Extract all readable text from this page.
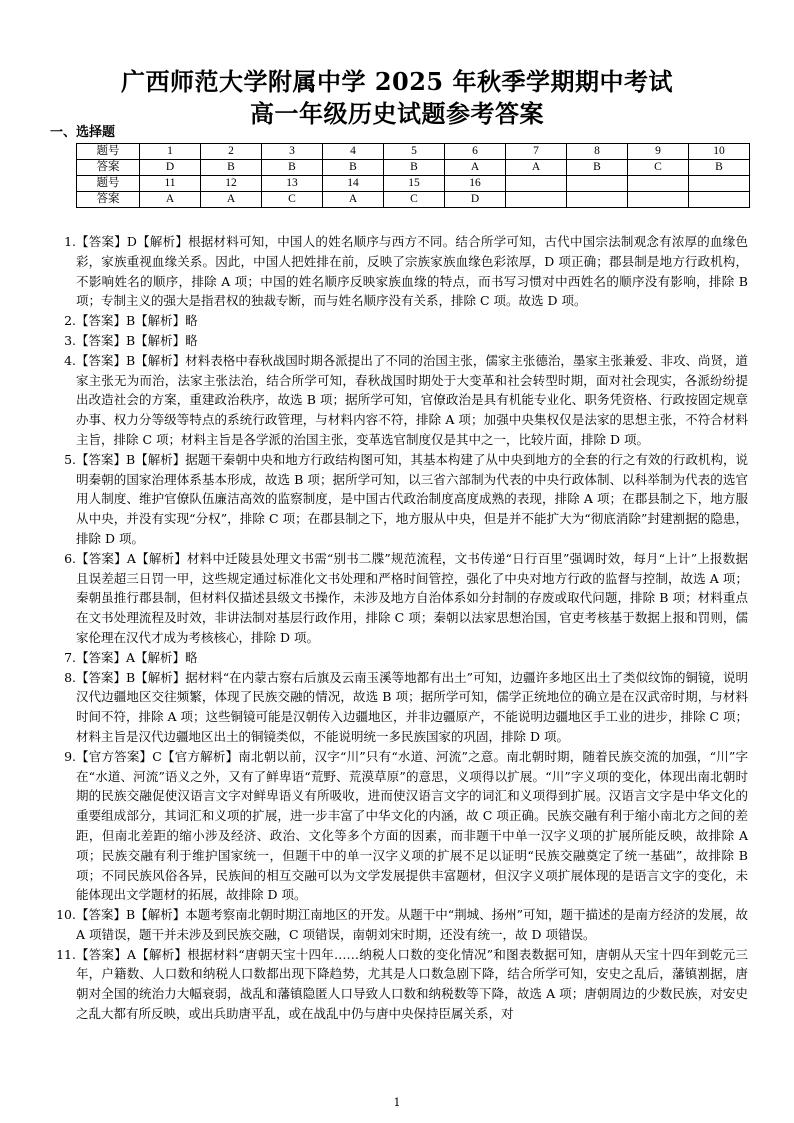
广西师范大学附属中学 2025 年秋季学期期中考试
高一年级历史试题参考答案
一、选择题
题号	1	2	3	4	5	6	7	8	9	10
答案	D	B	B	B	B	A	A	B	C	B
题号	11	12	13	14	15	16				
答案	A	A	C	A	C	D				
1. 【答案】D【解析】根据材料可知，中国人的姓名顺序与西方不同。结合所学可知，古代中国宗法制观念有浓厚的血缘色彩，家族重视血缘关系。因此，中国人把姓排在前，反映了宗族家族血缘色彩浓厚，D 项正确；郡县制是地方行政机构，不影响姓名的顺序，排除 A 项；中国的姓名顺序反映家族血缘的特点，而书写习惯对中西姓名的顺序没有影响，排除 B 项；专制主义的强大是指君权的独裁专断，而与姓名顺序没有关系，排除 C 项。故选 D 项。
2. 【答案】B【解析】略
3. 【答案】B【解析】略
4. 【答案】B【解析】材料表格中春秋战国时期各派提出了不同的治国主张，儒家主张德治，墨家主张兼爱、非攻、尚贤，道家主张无为而治，法家主张法治，结合所学可知，春秋战国时期处于大变革和社会转型时期，面对社会现实，各派纷纷提出改造社会的方案，重建政治秩序，故选 B 项；据所学可知，官僚政治是具有机能专业化、职务凭资格、行政按固定规章办事、权力分等级等特点的系统行政管理，与材料内容不符，排除 A 项；加强中央集权仅是法家的思想主张，不符合材料主旨，排除 C 项；材料主旨是各学派的治国主张，变革选官制度仅是其中之一，比较片面，排除 D 项。
5. 【答案】B【解析】据题干秦朝中央和地方行政结构图可知，其基本构建了从中央到地方的全套的行之有效的行政机构，说明秦朝的国家治理体系基本形成，故选 B 项；据所学可知，以三省六部制为代表的中央行政体制、以科举制为代表的选官用人制度、维护官僚队伍廉洁高效的监察制度，是中国古代政治制度高度成熟的表现，排除 A 项；在郡县制之下，地方服从中央，并没有实现“分权”，排除 C 项；在郡县制之下，地方服从中央，但是并不能扩大为“彻底消除”封建割据的隐患，排除 D 项。
6. 【答案】A【解析】材料中迁陵县处理文书需“别书二牒”规范流程，文书传递“日行百里”强调时效，每月“上计”上报数据且误差超三日罚一甲，这些规定通过标准化文书处理和严格时间管控，强化了中央对地方行政的监督与控制，故选 A 项；秦朝虽推行郡县制，但材料仅描述县级文书操作，未涉及地方自治体系如分封制的存废或取代问题，排除 B 项；材料重点在文书处理流程及时效，非讲法制对基层行政作用，排除 C 项；秦朝以法家思想治国，官吏考核基于数据上报和罚则，儒家伦理在汉代才成为考核核心，排除 D 项。
7. 【答案】A【解析】略
8. 【答案】B【解析】据材料“在内蒙古察右后旗及云南玉溪等地都有出土”可知，边疆许多地区出土了类似纹饰的铜镜，说明汉代边疆地区交往频繁，体现了民族交融的情况，故选 B 项；据所学可知，儒学正统地位的确立是在汉武帝时期，与材料时间不符，排除 A 项；这些铜镜可能是汉朝传入边疆地区，并非边疆原产，不能说明边疆地区手工业的进步，排除 C 项；材料主旨是汉代边疆地区出土的铜镜类似，不能说明统一多民族国家的巩固，排除 D 项。
9. 【官方答案】C【官方解析】南北朝以前，汉字“川”只有“水道、河流”之意。南北朝时期，随着民族交流的加强，“川”字在“水道、河流”语义之外，又有了鲜卑语“荒野、荒漠草原”的意思，义项得以扩展。“川”字义项的变化，体现出南北朝时期的民族交融促使汉语言文字对鲜卑语义有所吸收，进而使汉语言文字的词汇和义项得到扩展。汉语言文字是中华文化的重要组成部分，其词汇和义项的扩展，进一步丰富了中华文化的内涵，故 C 项正确。民族交融有利于缩小南北方之间的差距，但南北差距的缩小涉及经济、政治、文化等多个方面的因素，而非题干中单一汉字义项的扩展所能反映，故排除 A 项；民族交融有利于维护国家统一，但题干中的单一汉字义项的扩展不足以证明“民族交融奠定了统一基础”，故排除 B 项；不同民族风俗各异，民族间的相互交融可以为文学发展提供丰富题材，但汉字义项扩展体现的是语言文字的变化，未能体现出文学题材的拓展，故排除 D 项。
10. 【答案】B【解析】本题考察南北朝时期江南地区的开发。从题干中“荆城、扬州”可知，题干描述的是南方经济的发展，故 A 项错误，题干并未涉及到民族交融，C 项错误，南朝刘宋时期，还没有统一，故 D 项错误。
11. 【答案】A【解析】根据材料“唐朝天宝十四年……纳税人口数的变化情况”和图表数据可知，唐朝从天宝十四年到乾元三年，户籍数、人口数和纳税人口数都出现下降趋势，尤其是人口数急剧下降，结合所学可知，安史之乱后，藩镇割据，唐朝对全国的统治力大幅衰弱，战乱和藩镇隐匿人口导致人口数和纳税数等下降，故选 A 项；唐朝周边的少数民族，对安史之乱大都有所反映，或出兵助唐平乱，或在战乱中仍与唐中央保持臣属关系，对
1
